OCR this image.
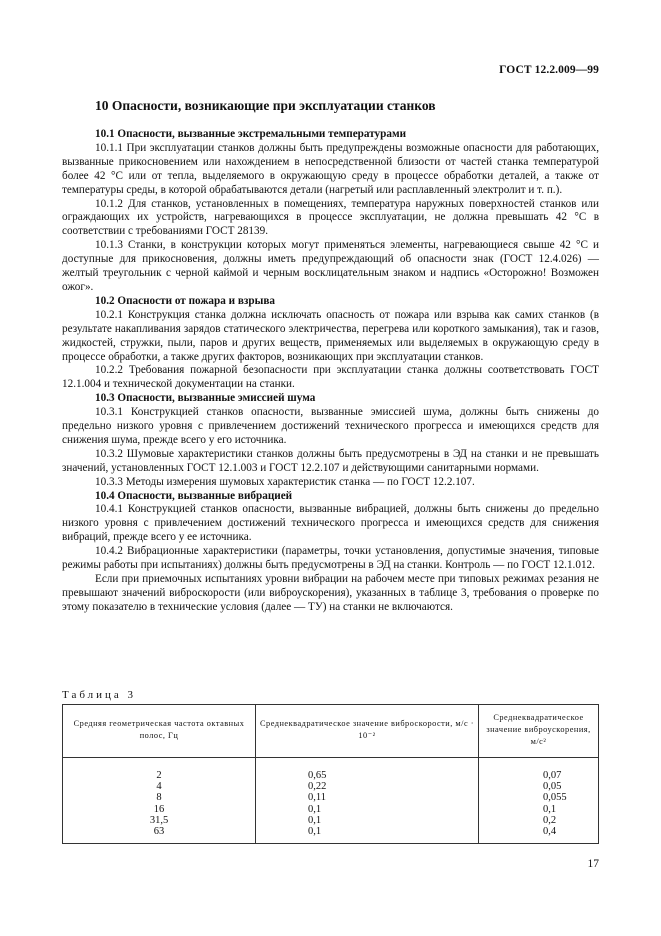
ГОСТ 12.2.009—99
10 Опасности, возникающие при эксплуатации станков

10.1 Опасности, вызванные экстремальными температурами

10.1.1 При эксплуатации станков должны быть предупреждены возможные опасности для работающих, вызванные прикосновением или нахождением в непосредственной близости от частей станка температурой более 42 °С или от тепла, выделяемого в окружающую среду в процессе обработки деталей, а также от температуры среды, в которой обрабатываются детали (нагретый или расплавленный электролит и т. п.).

10.1.2 Для станков, установленных в помещениях, температура наружных поверхностей станков или ограждающих их устройств, нагревающихся в процессе эксплуатации, не должна превышать 42 °С в соответствии с требованиями ГОСТ 28139.

10.1.3 Станки, в конструкции которых могут применяться элементы, нагревающиеся свыше 42 °С и доступные для прикосновения, должны иметь предупреждающий об опасности знак (ГОСТ 12.4.026) — желтый треугольник с черной каймой и черным восклицательным знаком и надпись «Осторожно! Возможен ожог».

10.2 Опасности от пожара и взрыва

10.2.1 Конструкция станка должна исключать опасность от пожара или взрыва как самих станков (в результате накапливания зарядов статического электричества, перегрева или короткого замыкания), так и газов, жидкостей, стружки, пыли, паров и других веществ, применяемых или выделяемых в окружающую среду в процессе обработки, а также других факторов, возникающих при эксплуатации станков.

10.2.2 Требования пожарной безопасности при эксплуатации станка должны соответствовать ГОСТ 12.1.004 и технической документации на станки.

10.3 Опасности, вызванные эмиссией шума

10.3.1 Конструкцией станков опасности, вызванные эмиссией шума, должны быть снижены до предельно низкого уровня с привлечением достижений технического прогресса и имеющихся средств для снижения шума, прежде всего у его источника.

10.3.2 Шумовые характеристики станков должны быть предусмотрены в ЭД на станки и не превышать значений, установленных ГОСТ 12.1.003 и ГОСТ 12.2.107 и действующими санитарными нормами.

10.3.3 Методы измерения шумовых характеристик станка — по ГОСТ 12.2.107.

10.4 Опасности, вызванные вибрацией

10.4.1 Конструкцией станков опасности, вызванные вибрацией, должны быть снижены до предельно низкого уровня с привлечением достижений технического прогресса и имеющихся средств для снижения вибраций, прежде всего у ее источника.

10.4.2 Вибрационные характеристики (параметры, точки установления, допустимые значения, типовые режимы работы при испытаниях) должны быть предусмотрены в ЭД на станки. Контроль — по ГОСТ 12.1.012.

Если при приемочных испытаниях уровни вибрации на рабочем месте при типовых режимах резания не превышают значений виброскорости (или виброускорения), указанных в таблице 3, требования о проверке по этому показателю в технические условия (далее — ТУ) на станки не включаются.

Таблица 3
Средняя геометрическая частота октавных полос, Гц	Среднеквадратическое значение виброскорости, м/с · 10⁻²	Среднеквадратическое значение виброускорения, м/с²

2	0,65	0,07
4	0,22	0,05
8	0,11	0,055
16	0,1	0,1
31,5	0,1	0,2
63	0,1	0,4
17
